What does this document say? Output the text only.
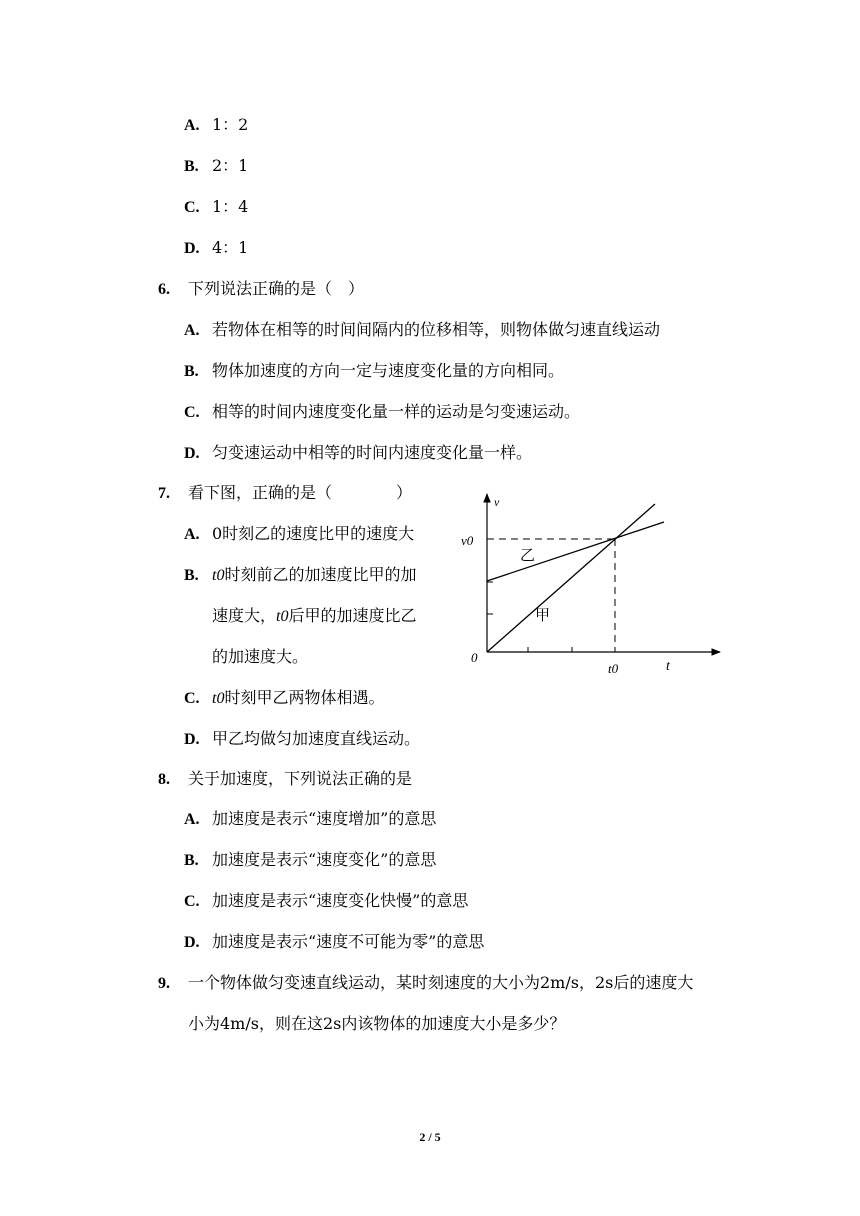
A. 1：2
B. 2：1
C. 1：4
D. 4：1
6. 下列说法正确的是（　）
A. 若物体在相等的时间间隔内的位移相等，则物体做匀速直线运动
B. 物体加速度的方向一定与速度变化量的方向相同。
C. 相等的时间内速度变化量一样的运动是匀变速运动。
D. 匀变速运动中相等的时间内速度变化量一样。
7. 看下图，正确的是（　　　　）
A. 0时刻乙的速度比甲的速度大
B. t0时刻前乙的加速度比甲的加
速度大，t0后甲的加速度比乙
的加速度大。
C. t0时刻甲乙两物体相遇。
D. 甲乙均做匀加速度直线运动。
v
t
0
v0
t0
乙
甲
8. 关于加速度，下列说法正确的是
A. 加速度是表示“速度增加”的意思
B. 加速度是表示“速度变化”的意思
C. 加速度是表示“速度变化快慢”的意思
D. 加速度是表示“速度不可能为零”的意思
9. 一个物体做匀变速直线运动，某时刻速度的大小为2m/s，2s后的速度大
小为4m/s，则在这2s内该物体的加速度大小是多少？
2 / 5
